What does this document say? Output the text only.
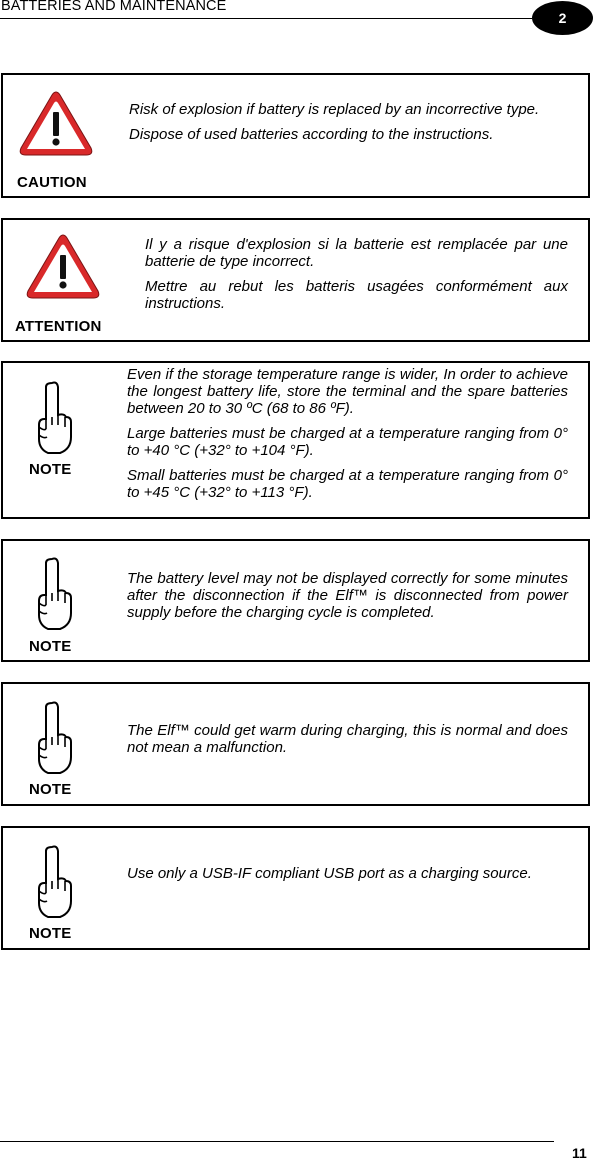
BATTERIES AND MAINTENANCE
2
CAUTION

Risk of explosion if battery is replaced by an incorrective type.

Dispose of used batteries according to the instructions.

ATTENTION

Il y a risque d'explosion si la batterie est remplacée par une batterie de type incorrect.

Mettre au rebut les batteris usagées conformément aux instructions.

NOTE

Even if the storage temperature range is wider, In order to achieve the longest battery life, store the terminal and the spare batteries between 20 to 30 ºC (68 to 86 ºF).

Large batteries must be charged at a temperature ranging from 0° to +40 °C (+32° to +104 °F).

Small batteries must be charged at a temperature ranging from 0° to +45 °C (+32° to +113 °F).

NOTE

The battery level may not be displayed correctly for some minutes after the disconnection if the Elf™ is disconnected from power supply before the charging cycle is completed.

NOTE

The Elf™ could get warm during charging, this is normal and does not mean a malfunction.

NOTE

Use only a USB-IF compliant USB port as a charging source.

11
